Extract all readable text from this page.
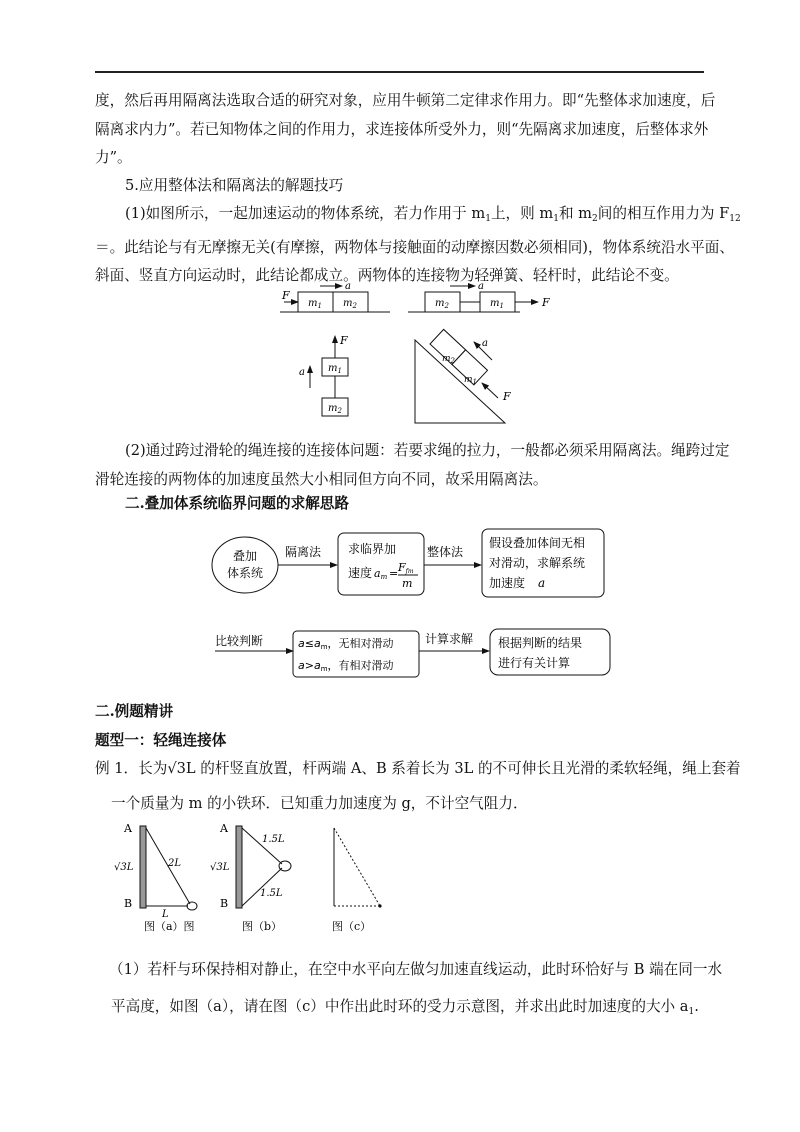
度，然后再用隔离法选取合适的研究对象，应用牛顿第二定律求作用力。即“先整体求加速度，后
隔离求内力”。若已知物体之间的作用力，求连接体所受外力，则“先隔离求加速度，后整体求外
力”。
5.应用整体法和隔离法的解题技巧
(1)如图所示，一起加速运动的物体系统，若力作用于 $m_1$上，则 $m_1$和 $m_2$间的相互作用力为 $F_{12}$
＝。此结论与有无摩擦无关(有摩擦，两物体与接触面的动摩擦因数必须相同)，物体系统沿水平面、
斜面、竖直方向运动时，此结论都成立。两物体的连接物为轻弹簧、轻杆时，此结论不变。
F
a
$m_1$ $m_2$	F
a
$m_2$	$m_1$
F
$m_1$
$m_2$
a
$m_2$
$m_1$
F
a
(2)通过跨过滑轮的绳连接的连接体问题：若要求绳的拉力，一般都必须采用隔离法。绳跨过定
滑轮连接的两物体的加速度虽然大小相同但方向不同，故采用隔离法。
二.叠加体系统临界问题的求解思路
叠加
体系统
隔离法 求临界加
速度 am = Ffm
m
整体法
假设叠加体间无相
对滑动，求解系统
加速度 a
比较判断	a≤am，无相对滑动
a>am，有相对滑动
计算求解 根据判断的结果
进行有关计算
二.例题精讲
题型一：轻绳连接体
例 1．长为√3L 的杆竖直放置，杆两端 A、B 系着长为 3L 的不可伸长且光滑的柔软轻绳，绳上套着
一个质量为 m 的小铁环．已知重力加速度为 g，不计空气阻力．
A
B
√3L	2L
L
图（a）图
A
B
√3L
1.5L
1.5L
图（b）	图（c）
（1）若杆与环保持相对静止，在空中水平向左做匀加速直线运动，此时环恰好与 B 端在同一水
平高度，如图（a），请在图（c）中作出此时环的受力示意图，并求出此时加速度的大小 $a_1$.
